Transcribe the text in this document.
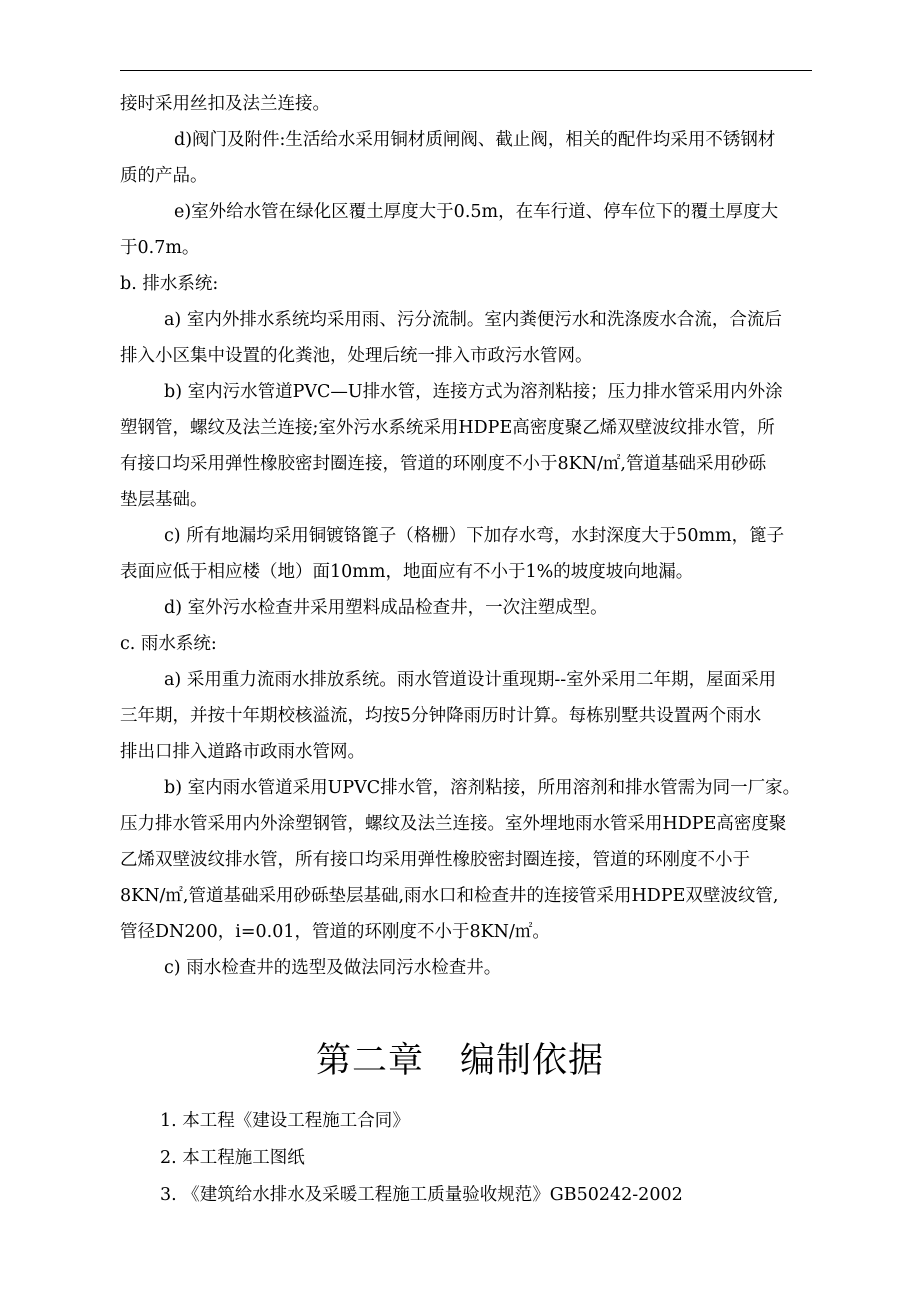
接时采用丝扣及法兰连接。

d)阀门及附件:生活给水采用铜材质闸阀、截止阀，相关的配件均采用不锈钢材

质的产品。

e)室外给水管在绿化区覆土厚度大于0.5m，在车行道、停车位下的覆土厚度大

于0.7m。

b. 排水系统:

a) 室内外排水系统均采用雨、污分流制。室内粪便污水和洗涤废水合流，合流后

排入小区集中设置的化粪池，处理后统一排入市政污水管网。

b) 室内污水管道PVC—U排水管，连接方式为溶剂粘接；压力排水管采用内外涂

塑钢管，螺纹及法兰连接;室外污水系统采用HDPE高密度聚乙烯双壁波纹排水管，所

有接口均采用弹性橡胶密封圈连接，管道的环刚度不小于8KN/㎡,管道基础采用砂砾

垫层基础。

c) 所有地漏均采用铜镀铬篦子（格栅）下加存水弯，水封深度大于50mm，篦子

表面应低于相应楼（地）面10mm，地面应有不小于1%的坡度坡向地漏。

d) 室外污水检查井采用塑料成品检查井，一次注塑成型。

c. 雨水系统:

a) 采用重力流雨水排放系统。雨水管道设计重现期--室外采用二年期，屋面采用

三年期，并按十年期校核溢流，均按5分钟降雨历时计算。每栋别墅共设置两个雨水

排出口排入道路市政雨水管网。

b) 室内雨水管道采用UPVC排水管，溶剂粘接，所用溶剂和排水管需为同一厂家。

压力排水管采用内外涂塑钢管，螺纹及法兰连接。室外埋地雨水管采用HDPE高密度聚

乙烯双壁波纹排水管，所有接口均采用弹性橡胶密封圈连接，管道的环刚度不小于

8KN/㎡,管道基础采用砂砾垫层基础,雨水口和检查井的连接管采用HDPE双壁波纹管,

管径DN200，i=0.01，管道的环刚度不小于8KN/㎡。

c) 雨水检查井的选型及做法同污水检查井。

第二章 编制依据

1. 本工程《建设工程施工合同》

2. 本工程施工图纸

3. 《建筑给水排水及采暖工程施工质量验收规范》GB50242-2002
